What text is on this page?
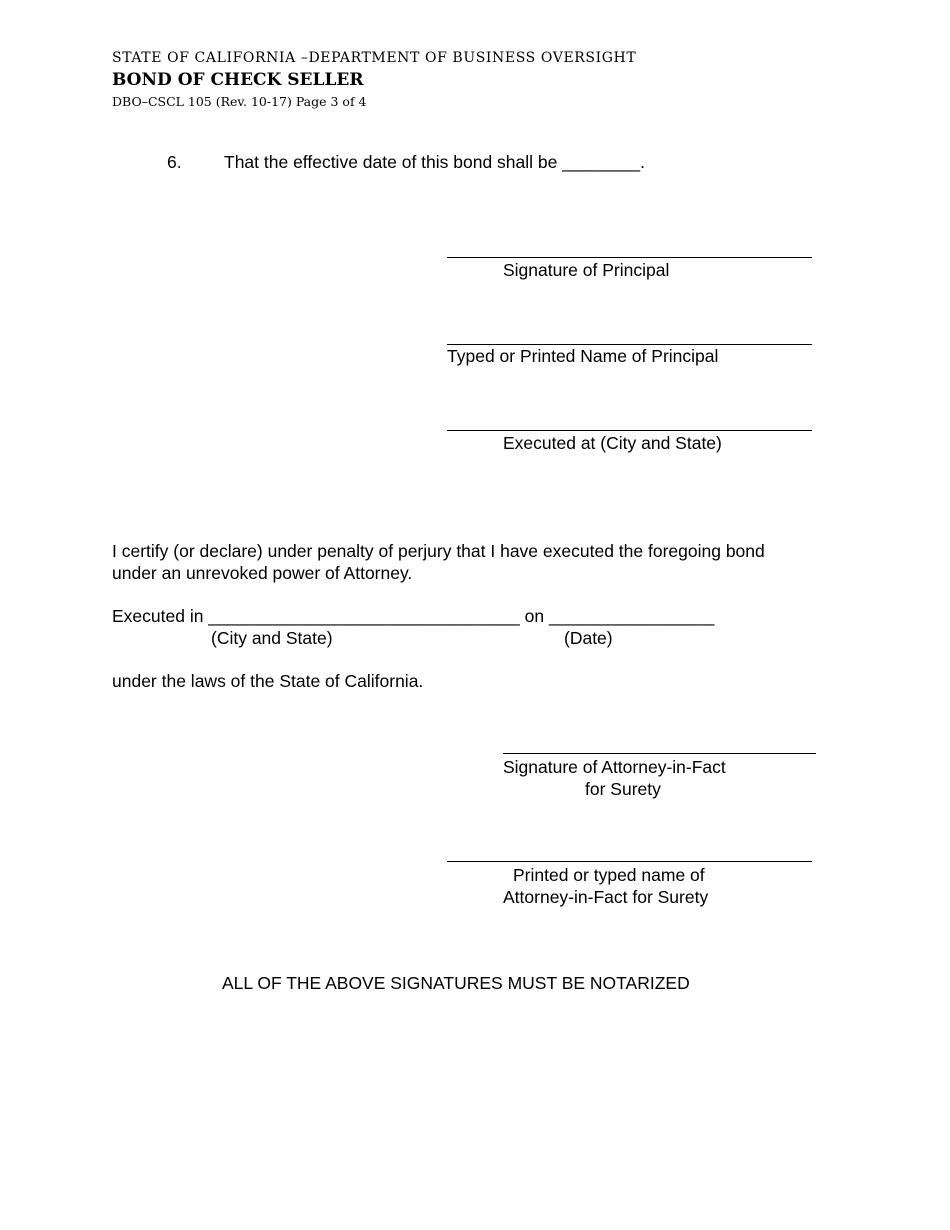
STATE OF CALIFORNIA –DEPARTMENT OF BUSINESS OVERSIGHT
BOND OF CHECK SELLER
DBO–CSCL 105 (Rev. 10-17) Page 3 of 4
6. That the effective date of this bond shall be ________.
Signature of Principal
Typed or Printed Name of Principal
Executed at (City and State)
I certify (or declare) under penalty of perjury that I have executed the foregoing bond
under an unrevoked power of Attorney.
Executed in ________________________________ on _________________
(City and State)	(Date)
under the laws of the State of California.
Signature of Attorney-in-Fact
for Surety
Printed or typed name of
Attorney-in-Fact for Surety
ALL OF THE ABOVE SIGNATURES MUST BE NOTARIZED
